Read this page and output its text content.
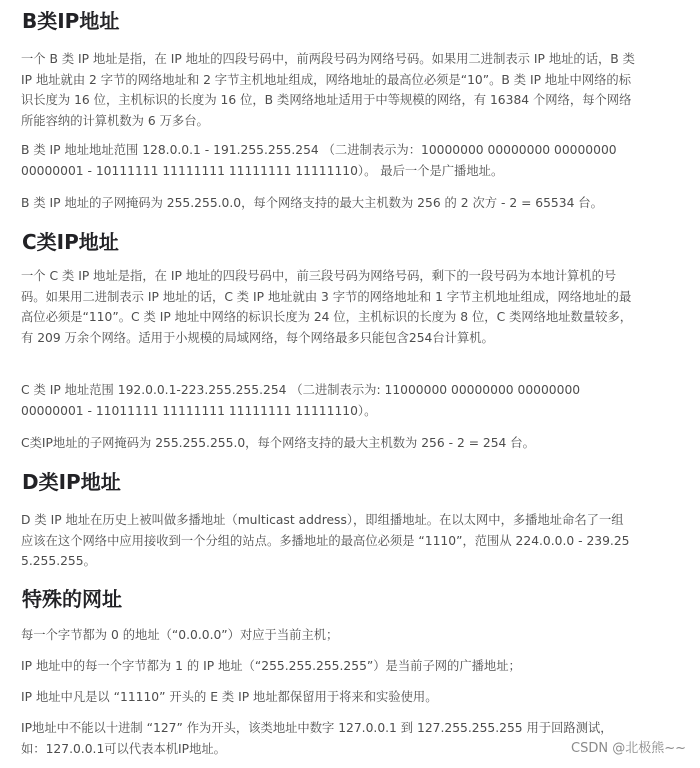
B类IP地址

一个 B 类 IP 地址是指，在 IP 地址的四段号码中，前两段号码为网络号码。如果用二进制表示 IP 地址的话，B 类 IP 地址就由 2 字节的网络地址和 2 字节主机地址组成，网络地址的最高位必须是“10”。B 类 IP 地址中网络的标识长度为 16 位，主机标识的长度为 16 位，B 类网络地址适用于中等规模的网络，有 16384 个网络，每个网络所能容纳的计算机数为 6 万多台。

B 类 IP 地址地址范围 128.0.0.1 - 191.255.255.254 （二进制表示为：10000000 00000000 00000000 00000001 - 10111111 11111111 11111111 11111110）。 最后一个是广播地址。

B 类 IP 地址的子网掩码为 255.255.0.0，每个网络支持的最大主机数为 256 的 2 次方 - 2 = 65534 台。

C类IP地址

一个 C 类 IP 地址是指，在 IP 地址的四段号码中，前三段号码为网络号码，剩下的一段号码为本地计算机的号码。如果用二进制表示 IP 地址的话，C 类 IP 地址就由 3 字节的网络地址和 1 字节主机地址组成，网络地址的最高位必须是“110”。C 类 IP 地址中网络的标识长度为 24 位，主机标识的长度为 8 位，C 类网络地址数量较多，有 209 万余个网络。适用于小规模的局域网络，每个网络最多只能包含254台计算机。

C 类 IP 地址范围 192.0.0.1-223.255.255.254 （二进制表示为: 11000000 00000000 00000000 00000001 - 11011111 11111111 11111111 11111110）。

C类IP地址的子网掩码为 255.255.255.0，每个网络支持的最大主机数为 256 - 2 = 254 台。

D类IP地址

D 类 IP 地址在历史上被叫做多播地址（multicast address），即组播地址。在以太网中，多播地址命名了一组应该在这个网络中应用接收到一个分组的站点。多播地址的最高位必须是 “1110”，范围从 224.0.0.0 - 239.255.255.255。

特殊的网址

每一个字节都为 0 的地址（“0.0.0.0”）对应于当前主机；

IP 地址中的每一个字节都为 1 的 IP 地址（“255.255.255.255”）是当前子网的广播地址；

IP 地址中凡是以 “11110” 开头的 E 类 IP 地址都保留用于将来和实验使用。

IP地址中不能以十进制 “127” 作为开头，该类地址中数字 127.0.0.1 到 127.255.255.255 用于回路测试，如：127.0.0.1可以代表本机IP地址。	CSDN @北极熊~~
